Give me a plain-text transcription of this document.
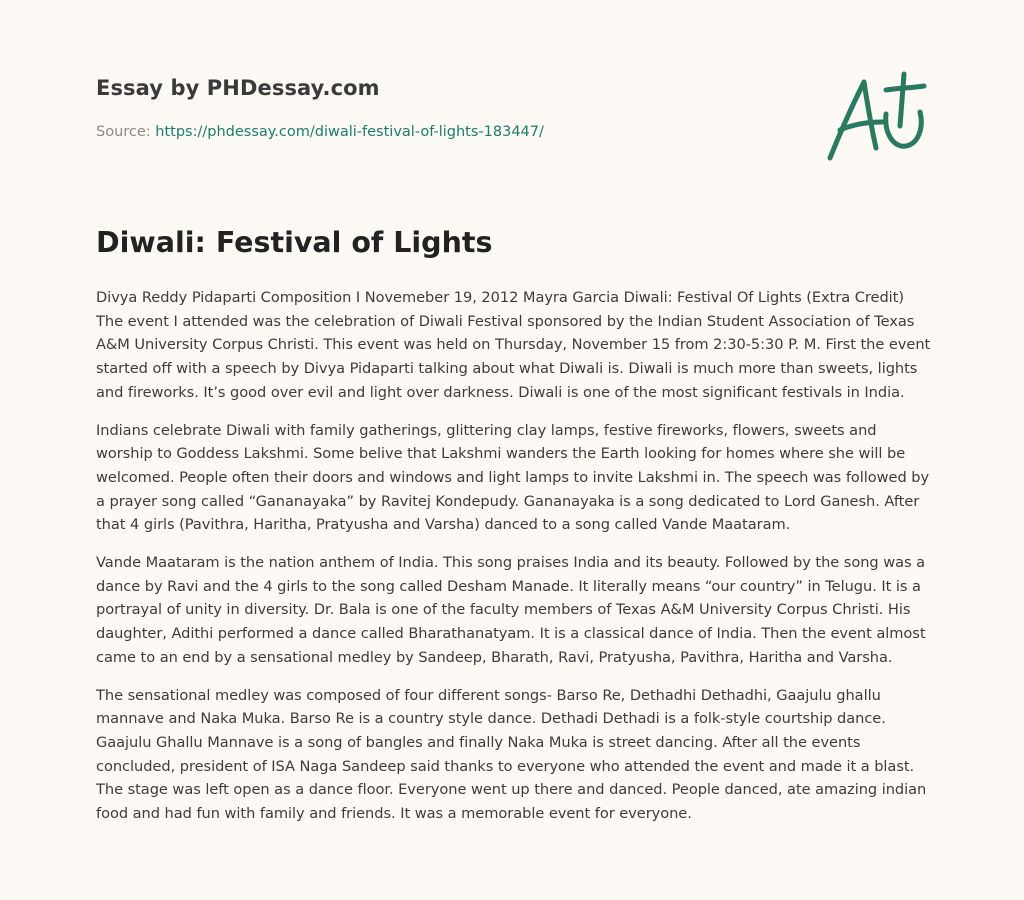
Essay by PHDessay.com

Source: https://phdessay.com/diwali-festival-of-lights-183447/

Diwali: Festival of Lights

Divya Reddy Pidaparti Composition I Novemeber 19, 2012 Mayra Garcia Diwali: Festival Of Lights (Extra Credit) The event I attended was the celebration of Diwali Festival sponsored by the Indian Student Association of Texas A&M University Corpus Christi. This event was held on Thursday, November 15 from 2:30-5:30 P. M. First the event started off with a speech by Divya Pidaparti talking about what Diwali is. Diwali is much more than sweets, lights and fireworks. It’s good over evil and light over darkness. Diwali is one of the most significant festivals in India.

Indians celebrate Diwali with family gatherings, glittering clay lamps, festive fireworks, flowers, sweets and worship to Goddess Lakshmi. Some belive that Lakshmi wanders the Earth looking for homes where she will be welcomed. People often their doors and windows and light lamps to invite Lakshmi in. The speech was followed by a prayer song called “Gananayaka” by Ravitej Kondepudy. Gananayaka is a song dedicated to Lord Ganesh. After that 4 girls (Pavithra, Haritha, Pratyusha and Varsha) danced to a song called Vande Maataram.

Vande Maataram is the nation anthem of India. This song praises India and its beauty. Followed by the song was a dance by Ravi and the 4 girls to the song called Desham Manade. It literally means “our country” in Telugu. It is a portrayal of unity in diversity. Dr. Bala is one of the faculty members of Texas A&M University Corpus Christi. His daughter, Adithi performed a dance called Bharathanatyam. It is a classical dance of India. Then the event almost came to an end by a sensational medley by Sandeep, Bharath, Ravi, Pratyusha, Pavithra, Haritha and Varsha.

The sensational medley was composed of four different songs- Barso Re, Dethadhi Dethadhi, Gaajulu ghallu mannave and Naka Muka. Barso Re is a country style dance. Dethadi Dethadi is a folk-style courtship dance. Gaajulu Ghallu Mannave is a song of bangles and finally Naka Muka is street dancing. After all the events concluded, president of ISA Naga Sandeep said thanks to everyone who attended the event and made it a blast. The stage was left open as a dance floor. Everyone went up there and danced. People danced, ate amazing indian food and had fun with family and friends. It was a memorable event for everyone.
